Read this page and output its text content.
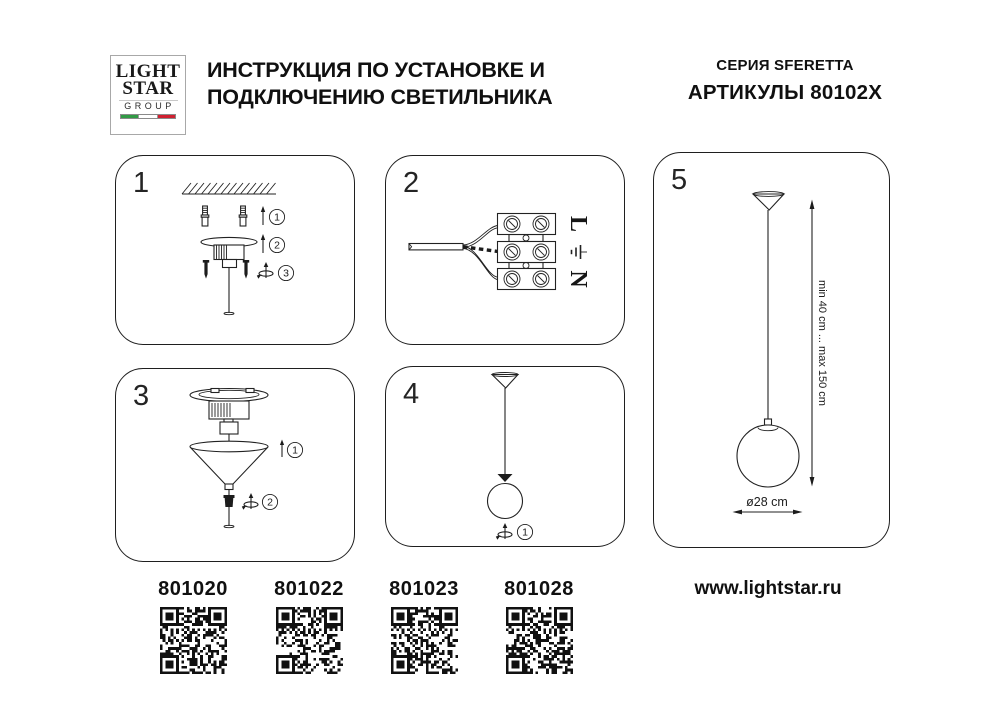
LIGHT
STAR
GROUP
ИНСТРУКЦИЯ ПО УСТАНОВКЕ И
ПОДКЛЮЧЕНИЮ СВЕТИЛЬНИКА
СЕРИЯ SFERETTA
АРТИКУЛЫ 80102X
1
1
2
3
2
L
N
3
1
2
4
1
5
min 40 cm ... max 150 cm
ø28 cm
801020	801022	801023	801028	www.lightstar.ru
